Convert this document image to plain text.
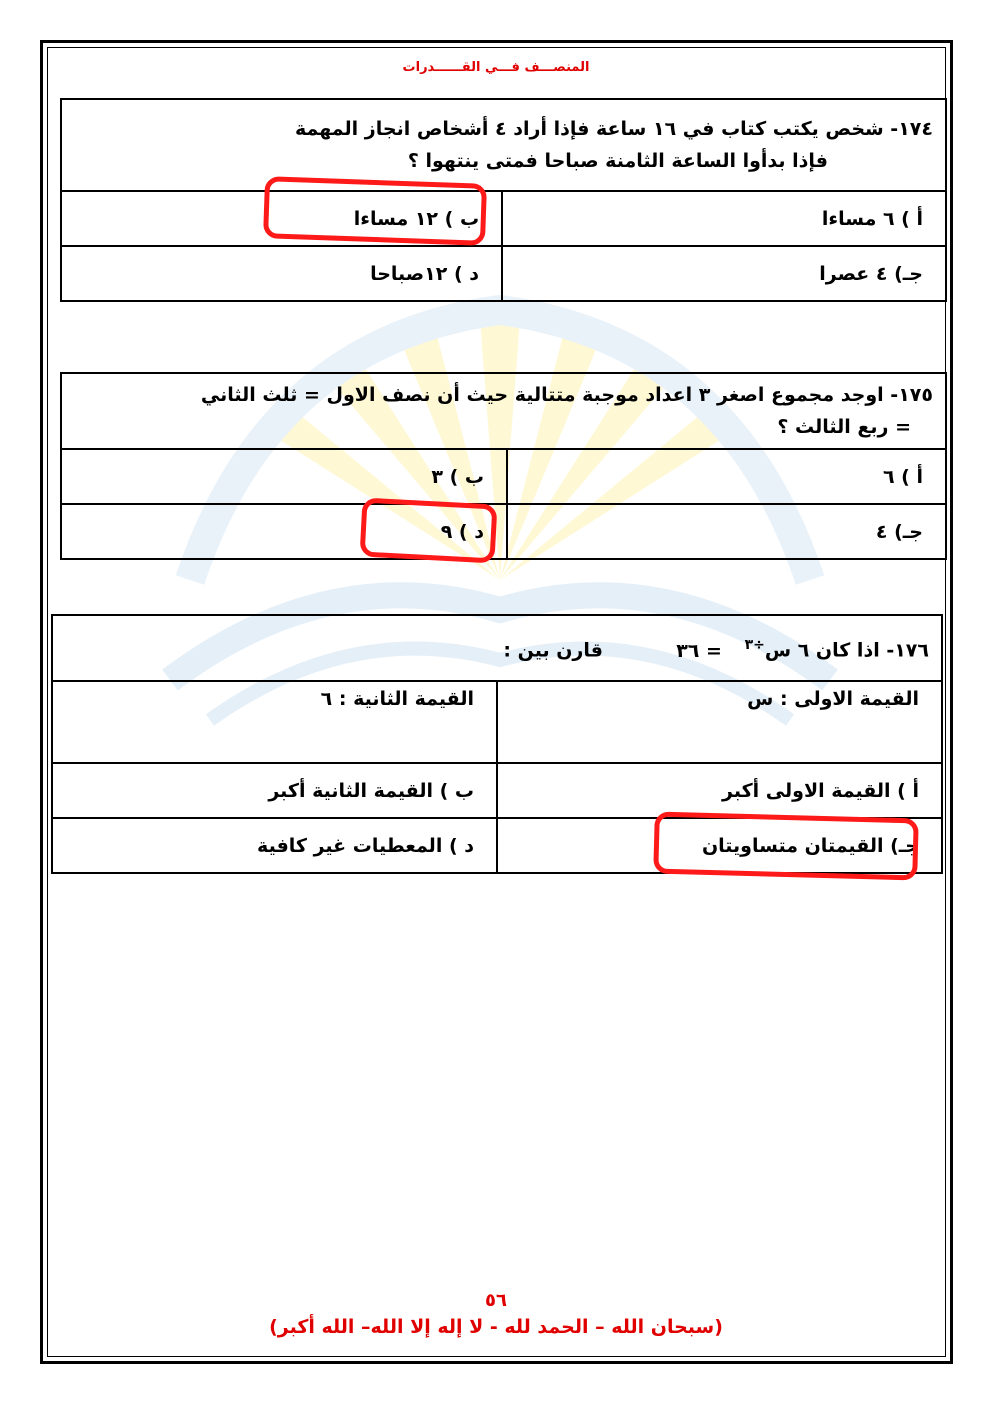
المنصـــف فـــي القــــــدرات
١٧٤- شخص يكتب كتاب في ١٦ ساعة فإذا أراد ٤ أشخاص انجاز المهمة
فإذا بدأوا الساعة الثامنة صباحا فمتى ينتهوا ؟	

أ ) ٦ مساءا	ب ) ١٢ مساءا
جـ) ٤ عصرا	د ) ١٢صباحا
١٧٥- اوجد مجموع اصغر ٣ اعداد موجبة متتالية حيث أن نصف الاول = ثلث الثاني
= ربع الثالث ؟	

أ ) ٦	ب ) ٣
جـ) ٤	د ) ٩
١٧٦- اذا كان ٦ س$^{\div ٣}$ = ٣٦  قارن بين :	
القيمة الاولى : س	القيمة الثانية : ٦
أ ) القيمة الاولى أكبر	ب ) القيمة الثانية أكبر
جـ) القيمتان متساويتان	د ) المعطيات غير كافية
٥٦
(سبحان الله – الحمد لله - لا إله إلا الله– الله أكبر)
